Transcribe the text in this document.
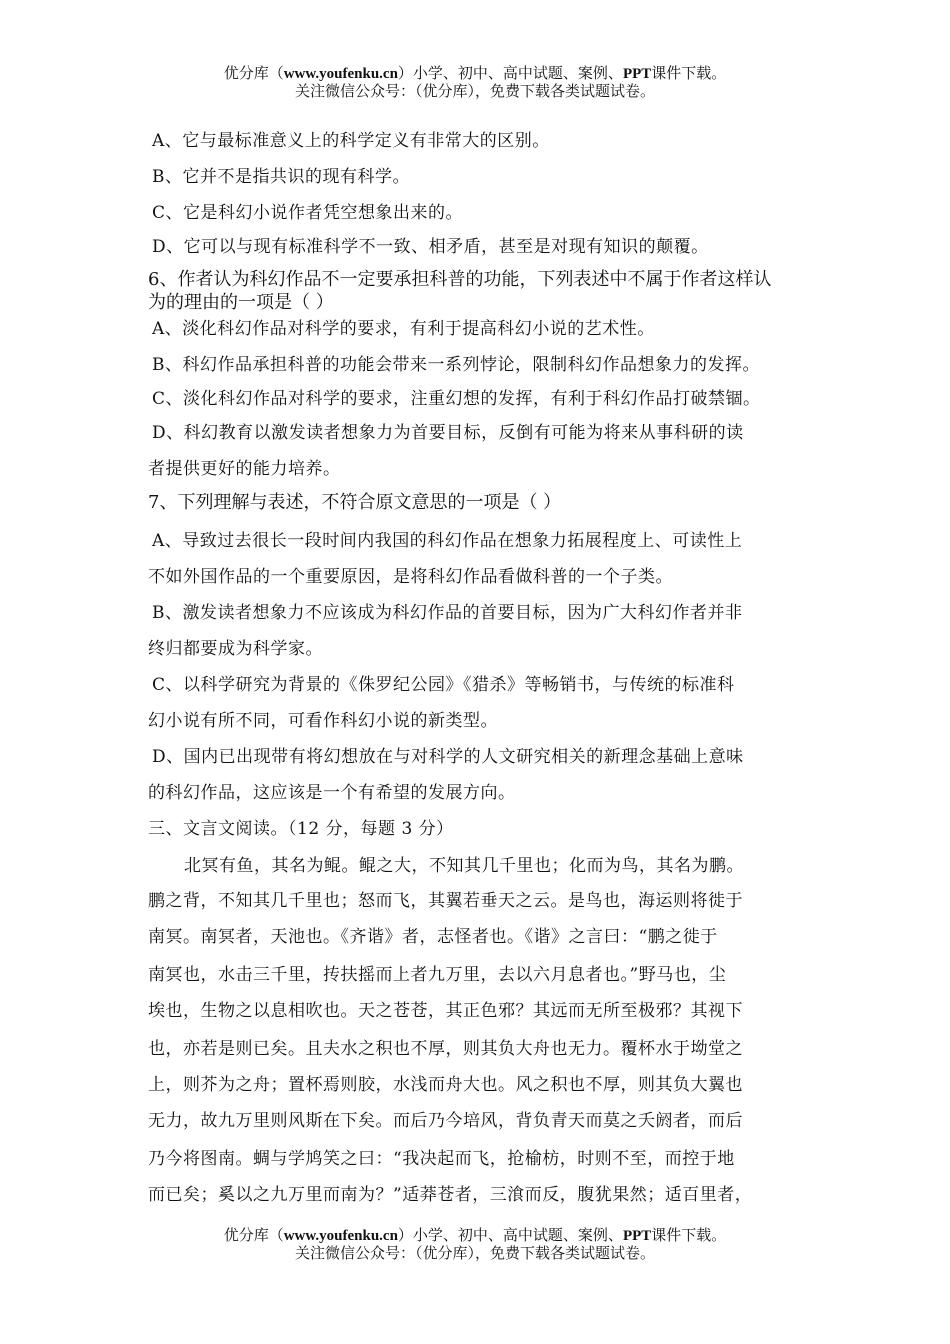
优分库（www.youfenku.cn）小学、初中、高中试题、案例、PPT课件下载。
关注微信公众号：（优分库），免费下载各类试题试卷。
A、它与最标准意义上的科学定义有非常大的区别。
B、它并不是指共识的现有科学。
C、它是科幻小说作者凭空想象出来的。
D、它可以与现有标准科学不一致、相矛盾，甚至是对现有知识的颠覆。
6、作者认为科幻作品不一定要承担科普的功能，下列表述中不属于作者这样认
为的理由的一项是（ ）
A、淡化科幻作品对科学的要求，有利于提高科幻小说的艺术性。
B、科幻作品承担科普的功能会带来一系列悖论，限制科幻作品想象力的发挥。
C、淡化科幻作品对科学的要求，注重幻想的发挥，有利于科幻作品打破禁锢。
D、科幻教育以激发读者想象力为首要目标，反倒有可能为将来从事科研的读
者提供更好的能力培养。
7、下列理解与表述，不符合原文意思的一项是（ ）
A、导致过去很长一段时间内我国的科幻作品在想象力拓展程度上、可读性上
不如外国作品的一个重要原因，是将科幻作品看做科普的一个子类。
B、激发读者想象力不应该成为科幻作品的首要目标，因为广大科幻作者并非
终归都要成为科学家。
C、以科学研究为背景的《侏罗纪公园》《猎杀》等畅销书，与传统的标准科
幻小说有所不同，可看作科幻小说的新类型。
D、国内已出现带有将幻想放在与对科学的人文研究相关的新理念基础上意味
的科幻作品，这应该是一个有希望的发展方向。
三、文言文阅读。（12 分，每题 3 分）
北冥有鱼，其名为鲲。鲲之大，不知其几千里也；化而为鸟，其名为鹏。
鹏之背，不知其几千里也；怒而飞，其翼若垂天之云。是鸟也，海运则将徙于
南冥。南冥者，天池也。《齐谐》者，志怪者也。《谐》之言曰：“鹏之徙于
南冥也，水击三千里，抟扶摇而上者九万里，去以六月息者也。”野马也，尘
埃也，生物之以息相吹也。天之苍苍，其正色邪？其远而无所至极邪？其视下
也，亦若是则已矣。且夫水之积也不厚，则其负大舟也无力。覆杯水于坳堂之
上，则芥为之舟；置杯焉则胶，水浅而舟大也。风之积也不厚，则其负大翼也
无力，故九万里则风斯在下矣。而后乃今培风，背负青天而莫之夭阏者，而后
乃今将图南。蜩与学鸠笑之曰：“我决起而飞，抢榆枋，时则不至，而控于地
而已矣；奚以之九万里而南为？”适莽苍者，三湌而反，腹犹果然；适百里者，
优分库（www.youfenku.cn）小学、初中、高中试题、案例、PPT课件下载。
关注微信公众号：（优分库），免费下载各类试题试卷。
